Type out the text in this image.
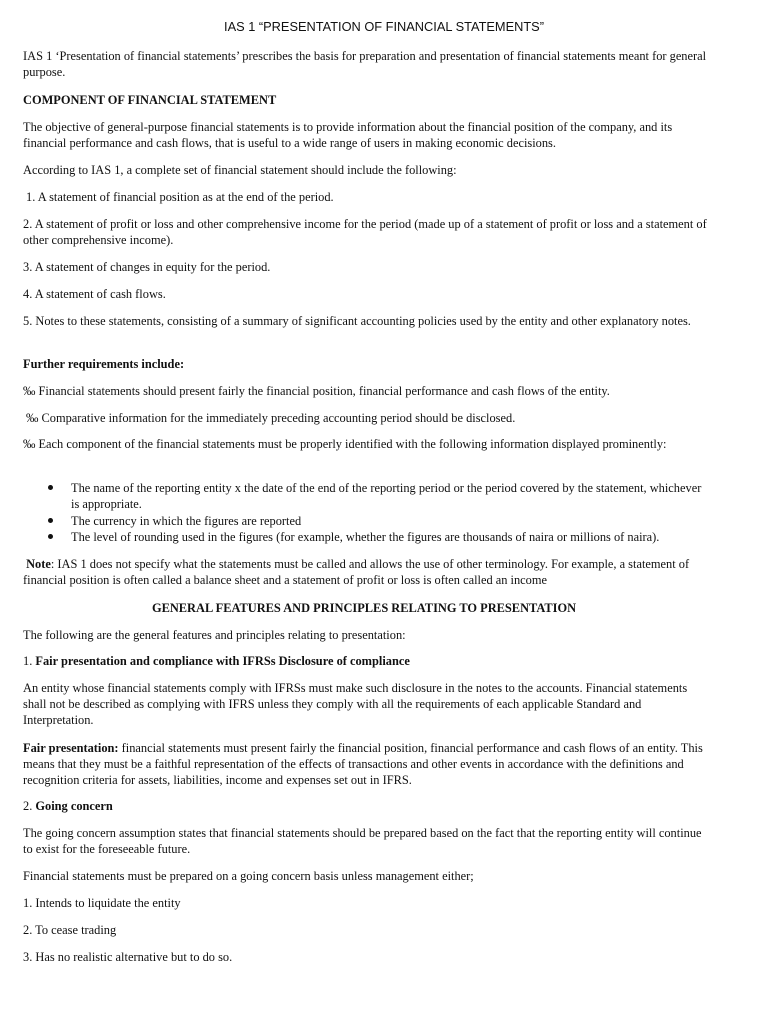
IAS 1 “PRESENTATION OF FINANCIAL STATEMENTS”

IAS 1 ‘Presentation of financial statements’ prescribes the basis for preparation and presentation of financial statements meant for general purpose.

COMPONENT OF FINANCIAL STATEMENT

The objective of general-purpose financial statements is to provide information about the financial position of the company, and its financial performance and cash flows, that is useful to a wide range of users in making economic decisions.

According to IAS 1, a complete set of financial statement should include the following:

1. A statement of financial position as at the end of the period.

2. A statement of profit or loss and other comprehensive income for the period (made up of a statement of profit or loss and a statement of other comprehensive income).

3. A statement of changes in equity for the period.

4. A statement of cash flows.

5. Notes to these statements, consisting of a summary of significant accounting policies used by the entity and other explanatory notes.

Further requirements include:

‰ Financial statements should present fairly the financial position, financial performance and cash flows of the entity.

‰ Comparative information for the immediately preceding accounting period should be disclosed.

‰ Each component of the financial statements must be properly identified with the following information displayed prominently:

The name of the reporting entity x the date of the end of the reporting period or the period covered by the statement, whichever is appropriate.

The currency in which the figures are reported

The level of rounding used in the figures (for example, whether the figures are thousands of naira or millions of naira).

Note: IAS 1 does not specify what the statements must be called and allows the use of other terminology. For example, a statement of financial position is often called a balance sheet and a statement of profit or loss is often called an income

GENERAL FEATURES AND PRINCIPLES RELATING TO PRESENTATION

The following are the general features and principles relating to presentation:

1. Fair presentation and compliance with IFRSs Disclosure of compliance

An entity whose financial statements comply with IFRSs must make such disclosure in the notes to the accounts. Financial statements shall not be described as complying with IFRS unless they comply with all the requirements of each applicable Standard and Interpretation.

Fair presentation: financial statements must present fairly the financial position, financial performance and cash flows of an entity. This means that they must be a faithful representation of the effects of transactions and other events in accordance with the definitions and recognition criteria for assets, liabilities, income and expenses set out in IFRS.

2. Going concern

The going concern assumption states that financial statements should be prepared based on the fact that the reporting entity will continue to exist for the foreseeable future.

Financial statements must be prepared on a going concern basis unless management either;

1. Intends to liquidate the entity

2. To cease trading

3. Has no realistic alternative but to do so.
